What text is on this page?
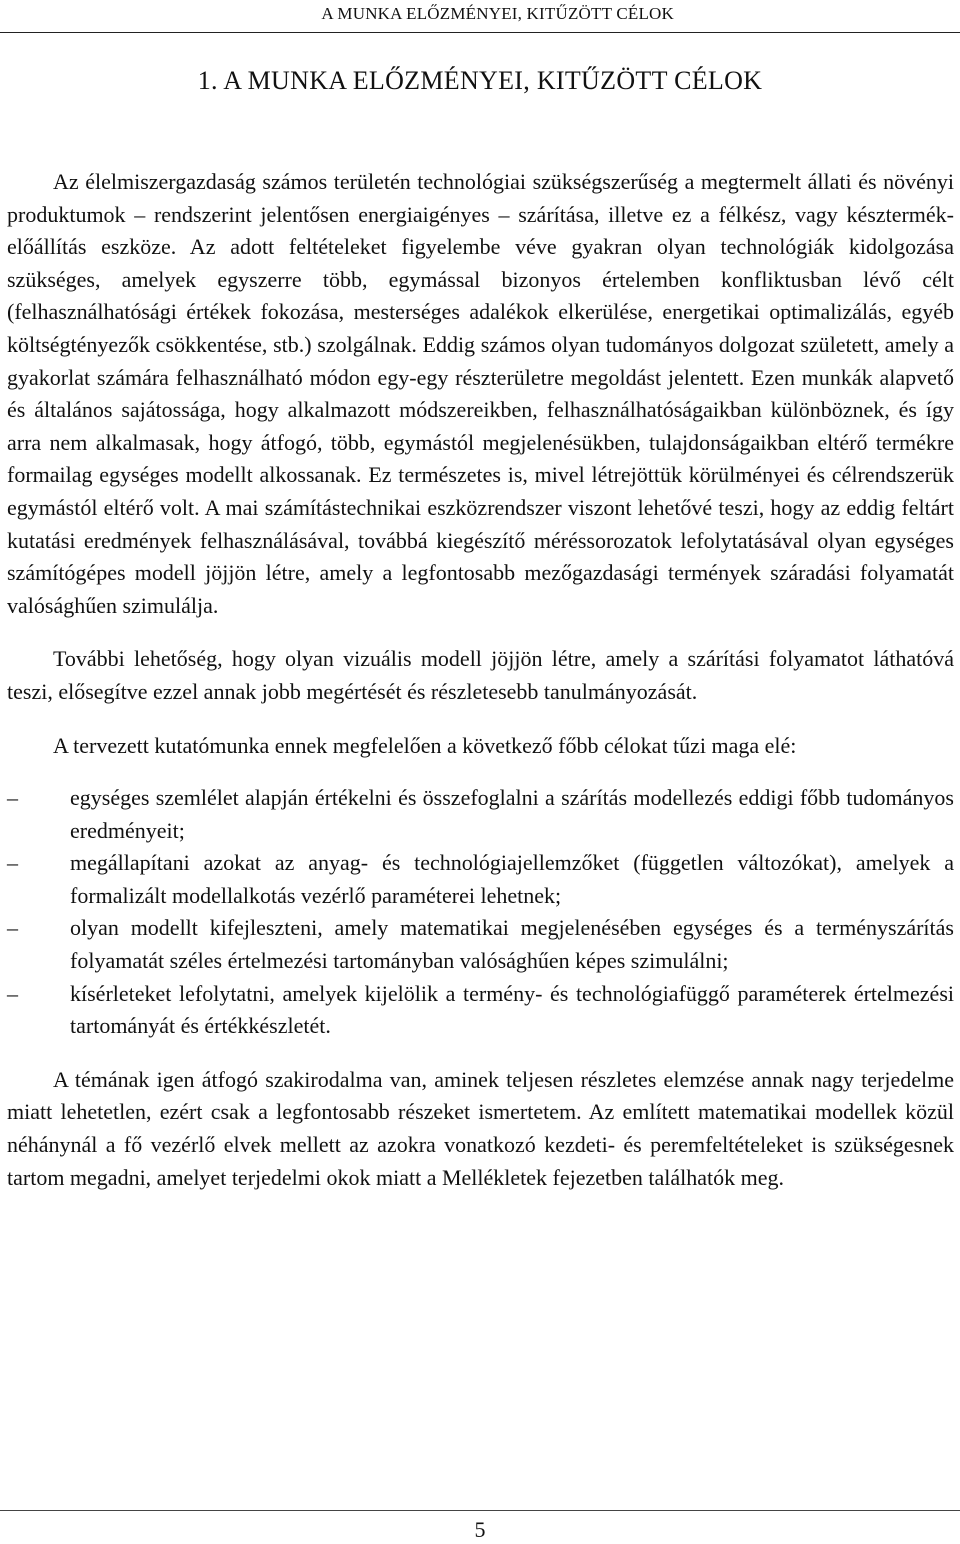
A MUNKA ELŐZMÉNYEI, KITŰZÖTT CÉLOK
1. A MUNKA ELŐZMÉNYEI, KITŰZÖTT CÉLOK

Az élelmiszergazdaság számos területén technológiai szükségszerűség a megtermelt állati és növényi produktumok – rendszerint jelentősen energiaigényes – szárítása, illetve ez a félkész, vagy késztermék-előállítás eszköze. Az adott feltételeket figyelembe véve gyakran olyan technológiák kidolgozása szükséges, amelyek egyszerre több, egymással bizonyos értelemben konfliktusban lévő célt (felhasználhatósági értékek fokozása, mesterséges adalékok elkerülése, energetikai optimalizálás, egyéb költségtényezők csökkentése, stb.) szolgálnak. Eddig számos olyan tudományos dolgozat született, amely a gyakorlat számára felhasználható módon egy-egy részterületre megoldást jelentett. Ezen munkák alapvető és általános sajátossága, hogy alkalmazott módszereikben, felhasználhatóságaikban különböznek, és így arra nem alkalmasak, hogy átfogó, több, egymástól megjelenésükben, tulajdonságaikban eltérő termékre formailag egységes modellt alkossanak. Ez természetes is, mivel létrejöttük körülményei és célrendszerük egymástól eltérő volt. A mai számítástechnikai eszközrendszer viszont lehetővé teszi, hogy az eddig feltárt kutatási eredmények felhasználásával, továbbá kiegészítő méréssorozatok lefolytatásával olyan egységes számítógépes modell jöjjön létre, amely a legfontosabb mezőgazdasági termények száradási folyamatát valósághűen szimulálja.

További lehetőség, hogy olyan vizuális modell jöjjön létre, amely a szárítási folyamatot láthatóvá teszi, elősegítve ezzel annak jobb megértését és részletesebb tanulmányozását.

A tervezett kutatómunka ennek megfelelően a következő főbb célokat tűzi maga elé:

–	egységes szemlélet alapján értékelni és összefoglalni a szárítás modellezés eddigi főbb tudományos eredményeit;
–	megállapítani azokat az anyag- és technológiajellemzőket (független változókat), amelyek a formalizált modellalkotás vezérlő paraméterei lehetnek;
–	olyan modellt kifejleszteni, amely matematikai megjelenésében egységes és a terményszárítás folyamatát széles értelmezési tartományban valósághűen képes szimulálni;
–	kísérleteket lefolytatni, amelyek kijelölik a termény- és technológiafüggő paraméterek értelmezési tartományát és értékkészletét.

A témának igen átfogó szakirodalma van, aminek teljesen részletes elemzése annak nagy terjedelme miatt lehetetlen, ezért csak a legfontosabb részeket ismertetem. Az említett matematikai modellek közül néhánynál a fő vezérlő elvek mellett az azokra vonatkozó kezdeti- és peremfeltételeket is szükségesnek tartom megadni, amelyet terjedelmi okok miatt a Mellékletek fejezetben találhatók meg.

5
